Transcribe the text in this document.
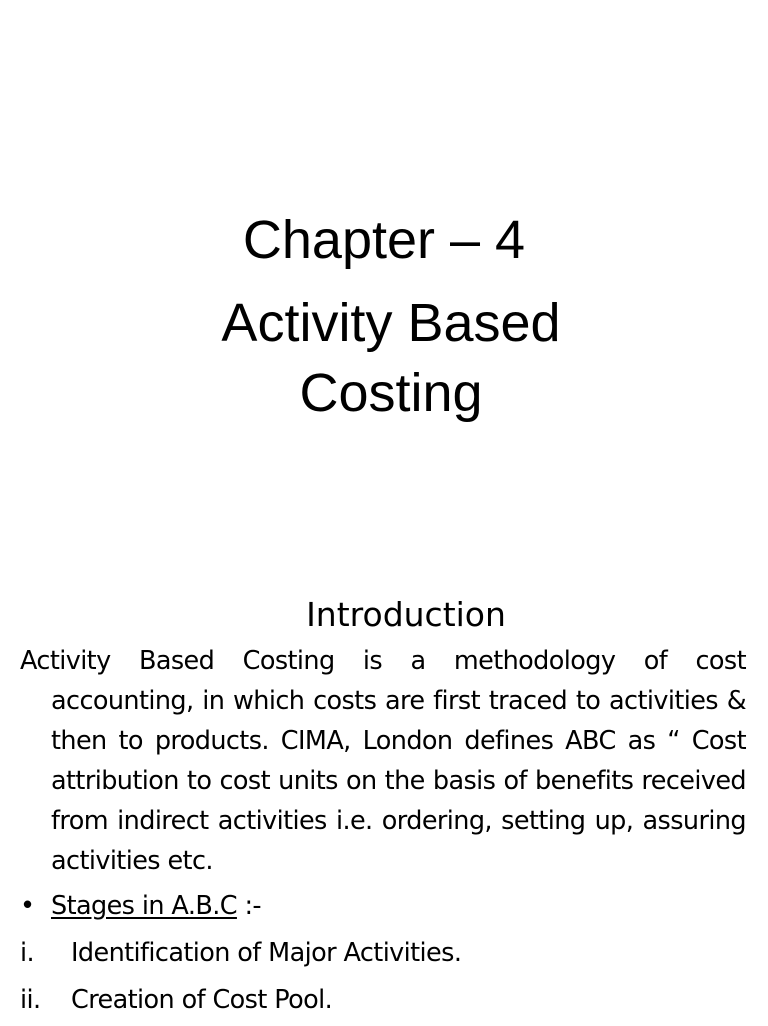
Chapter – 4
Activity Based
Costing
Introduction
Activity Based Costing is a methodology of cost accounting, in which costs are first traced to activities & then to products. CIMA, London defines ABC as “ Cost attribution to cost units on the basis of benefits received from indirect activities i.e. ordering, setting up, assuring activities etc.
• Stages in A.B.C :-
i. Identification of Major Activities.
ii. Creation of Cost Pool.
